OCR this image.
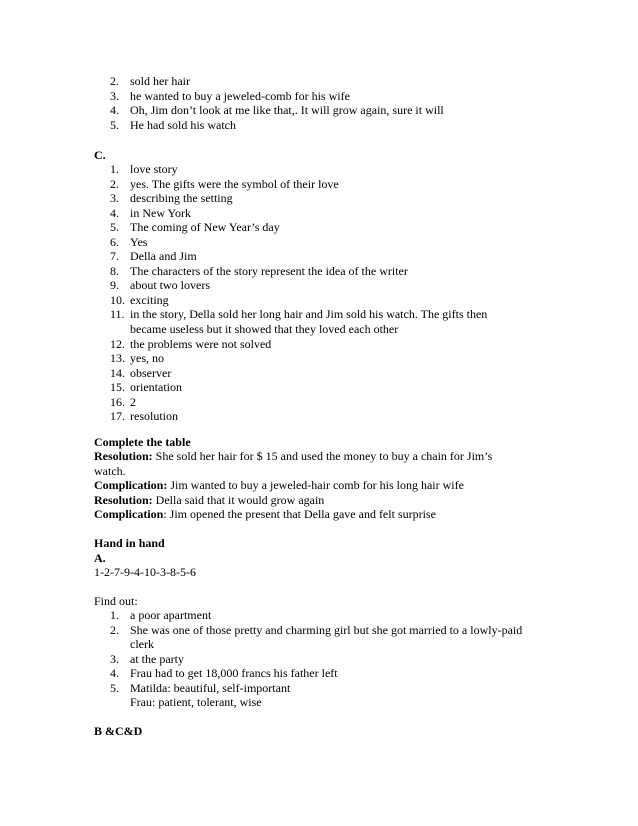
2. sold her hair
3. he wanted to buy a jeweled-comb for his wife
4. Oh, Jim don’t look at me like that,. It will grow again, sure it will
5. He had sold his watch
C.
1. love story
2. yes. The gifts were the symbol of their love
3. describing the setting
4. in New York
5. The coming of New Year’s day
6. Yes
7. Della and Jim
8. The characters of the story represent the idea of the writer
9. about two lovers
10. exciting
11. in the story, Della sold her long hair and Jim sold his watch. The gifts then became useless but it showed that they loved each other
12. the problems were not solved
13. yes, no
14. observer
15. orientation
16. 2
17. resolution
Complete the table
Resolution: She sold her hair for $ 15 and used the money to buy a chain for Jim’s watch.
Complication: Jim wanted to buy a jeweled-hair comb for his long hair wife
Resolution: Della said that it would grow again
Complication: Jim opened the present that Della gave and felt surprise
Hand in hand
A.
1-2-7-9-4-10-3-8-5-6
Find out:
1. a poor apartment
2. She was one of those pretty and charming girl but she got married to a lowly-paid clerk
3. at the party
4. Frau had to get 18,000 francs his father left
5. Matilda: beautiful, self-important
Frau: patient, tolerant, wise
B &C&D
